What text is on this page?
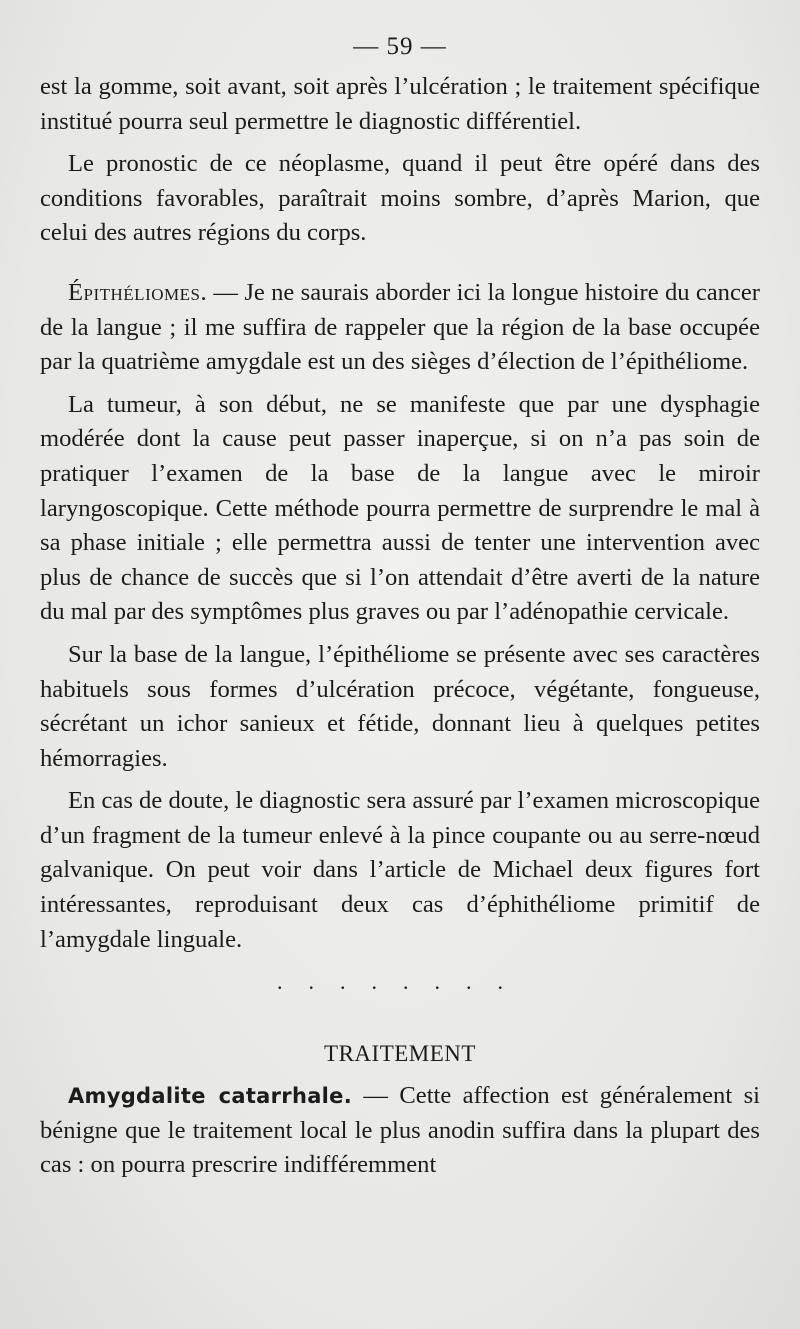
— 59 —

est la gomme, soit avant, soit après l’ulcération ; le traitement spécifique institué pourra seul permettre le diagnostic différentiel.

Le pronostic de ce néoplasme, quand il peut être opéré dans des conditions favorables, paraîtrait moins sombre, d’après Marion, que celui des autres régions du corps.

Épithéliomes. — Je ne saurais aborder ici la longue histoire du cancer de la langue ; il me suffira de rappeler que la région de la base occupée par la quatrième amygdale est un des sièges d’élection de l’épithéliome.

La tumeur, à son début, ne se manifeste que par une dysphagie modérée dont la cause peut passer inaperçue, si on n’a pas soin de pratiquer l’examen de la base de la langue avec le miroir laryngoscopique. Cette méthode pourra permettre de surprendre le mal à sa phase initiale ; elle permettra aussi de tenter une intervention avec plus de chance de succès que si l’on attendait d’être averti de la nature du mal par des symptômes plus graves ou par l’adénopathie cervicale.

Sur la base de la langue, l’épithéliome se présente avec ses caractères habituels sous formes d’ulcération précoce, végétante, fongueuse, sécrétant un ichor sanieux et fétide, donnant lieu à quelques petites hémorragies.

En cas de doute, le diagnostic sera assuré par l’examen microscopique d’un fragment de la tumeur enlevé à la pince coupante ou au serre-nœud galvanique. On peut voir dans l’article de Michael deux figures fort intéressantes, reproduisant deux cas d’éphithéliome primitif de l’amygdale linguale.

. . . . . . . .
TRAITEMENT

Amygdalite catarrhale. — Cette affection est généralement si bénigne que le traitement local le plus anodin suffira dans la plupart des cas : on pourra prescrire indifféremment
